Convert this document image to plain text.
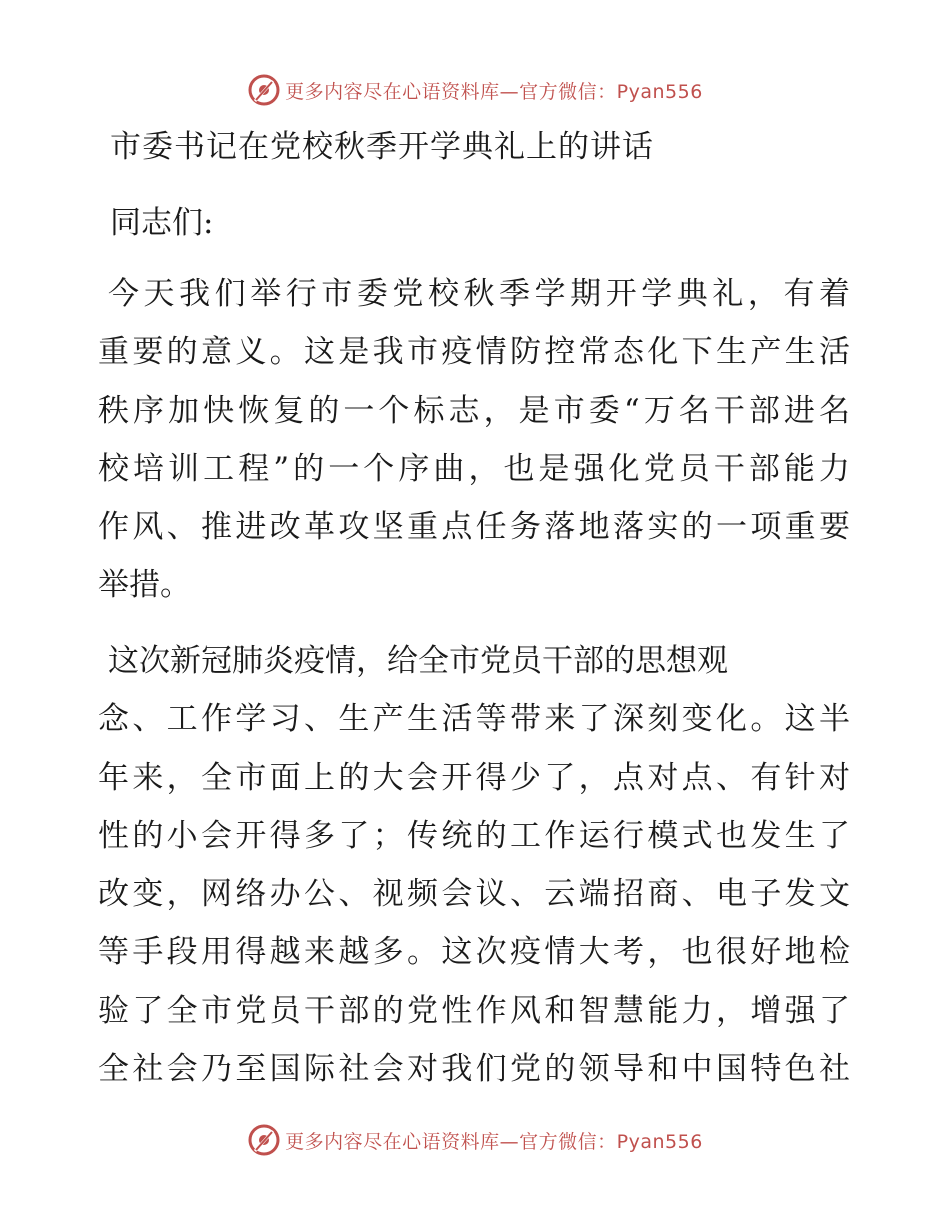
更多内容尽在心语资料库—官方微信：Pyan556
市委书记在党校秋季开学典礼上的讲话
同志们:
今天我们举行市委党校秋季学期开学典礼，有着
重要的意义。这是我市疫情防控常态化下生产生活
秩序加快恢复的一个标志，是市委“万名干部进名
校培训工程”的一个序曲，也是强化党员干部能力
作风、推进改革攻坚重点任务落地落实的一项重要
举措。
这次新冠肺炎疫情，给全市党员干部的思想观
念、工作学习、生产生活等带来了深刻变化。这半
年来，全市面上的大会开得少了，点对点、有针对
性的小会开得多了；传统的工作运行模式也发生了
改变，网络办公、视频会议、云端招商、电子发文
等手段用得越来越多。这次疫情大考，也很好地检
验了全市党员干部的党性作风和智慧能力，增强了
全社会乃至国际社会对我们党的领导和中国特色社
更多内容尽在心语资料库—官方微信：Pyan556
